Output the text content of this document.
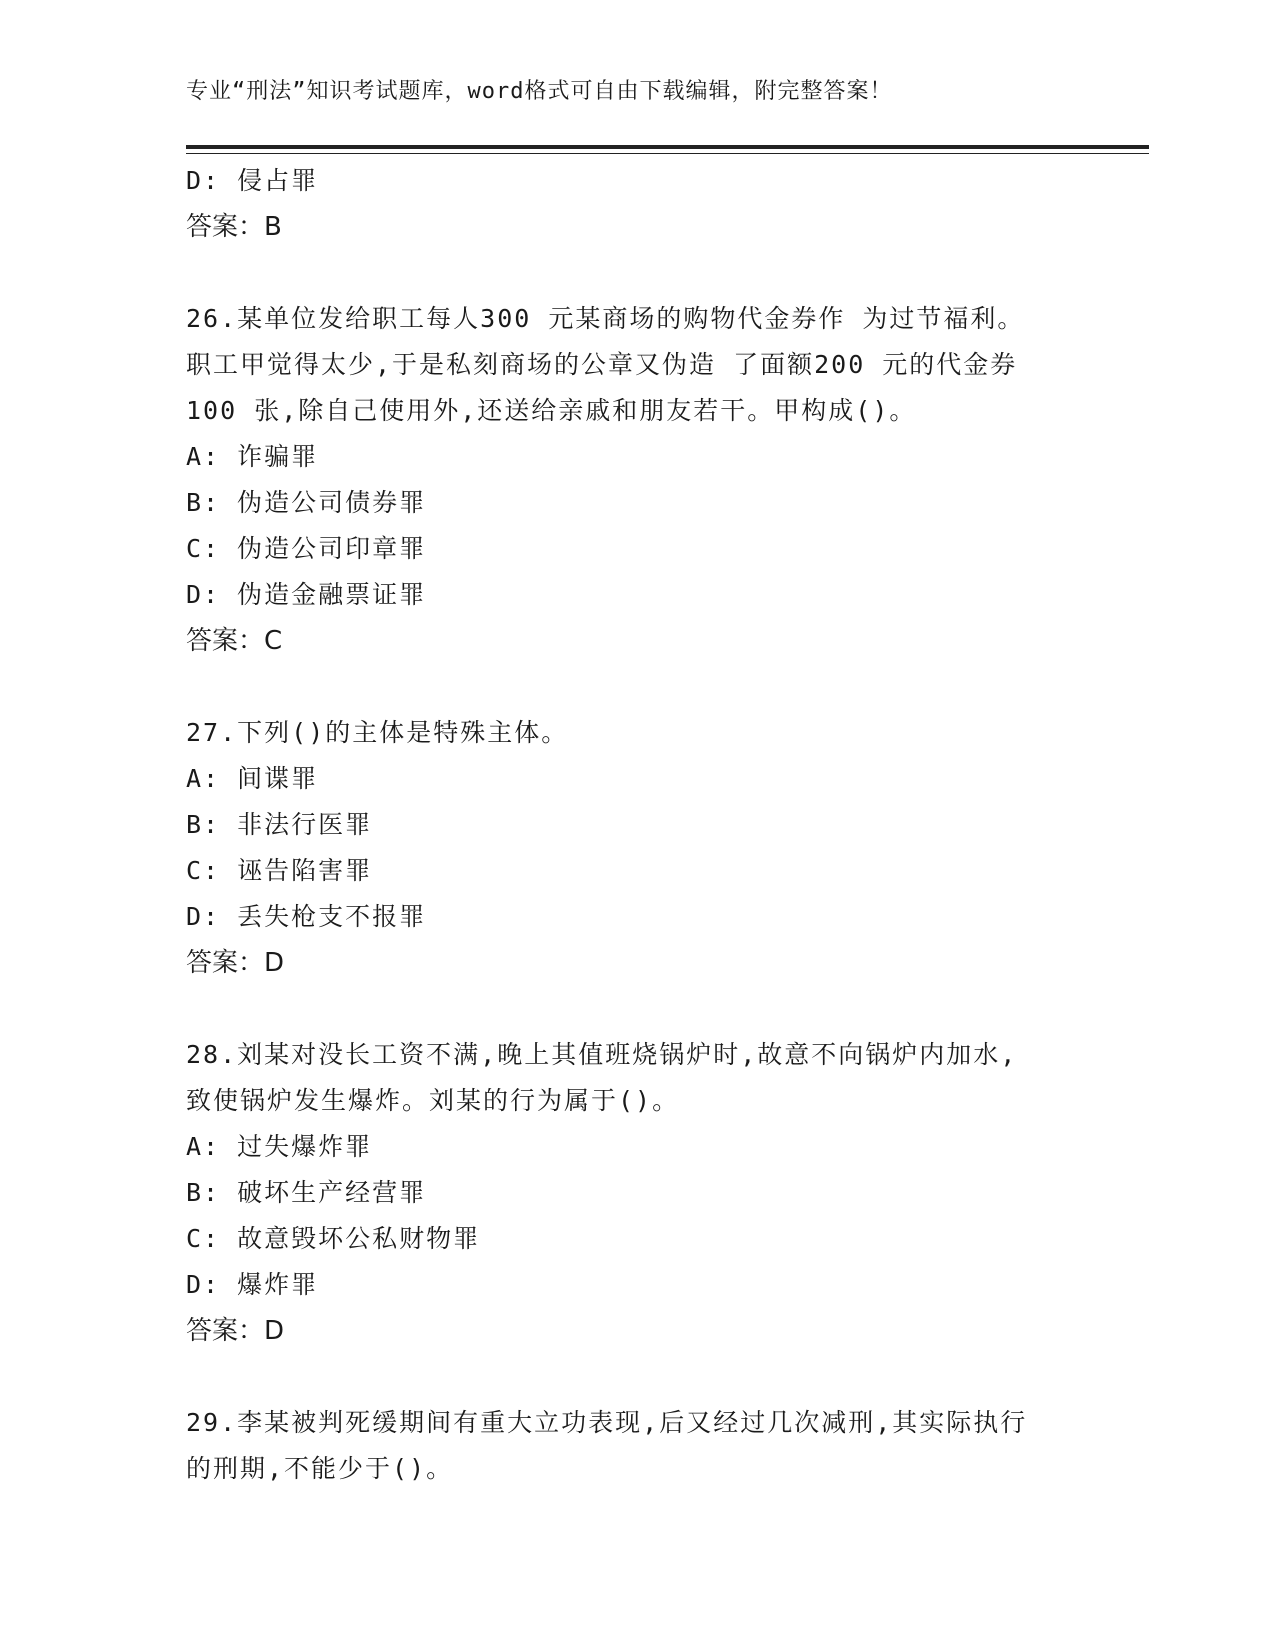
专业“刑法”知识考试题库，word格式可自由下载编辑，附完整答案！
D: 侵占罪
答案：B
26.某单位发给职工每人300 元某商场的购物代金券作 为过节福利。
职工甲觉得太少,于是私刻商场的公章又伪造 了面额200 元的代金券
100 张,除自己使用外,还送给亲戚和朋友若干。甲构成()。
A: 诈骗罪
B: 伪造公司债券罪
C: 伪造公司印章罪
D: 伪造金融票证罪
答案：C
27.下列()的主体是特殊主体。
A: 间谍罪
B: 非法行医罪
C: 诬告陷害罪
D: 丢失枪支不报罪
答案：D
28.刘某对没长工资不满,晚上其值班烧锅炉时,故意不向锅炉内加水,
致使锅炉发生爆炸。刘某的行为属于()。
A: 过失爆炸罪
B: 破坏生产经营罪
C: 故意毁坏公私财物罪
D: 爆炸罪
答案：D
29.李某被判死缓期间有重大立功表现,后又经过几次减刑,其实际执行
的刑期,不能少于()。
